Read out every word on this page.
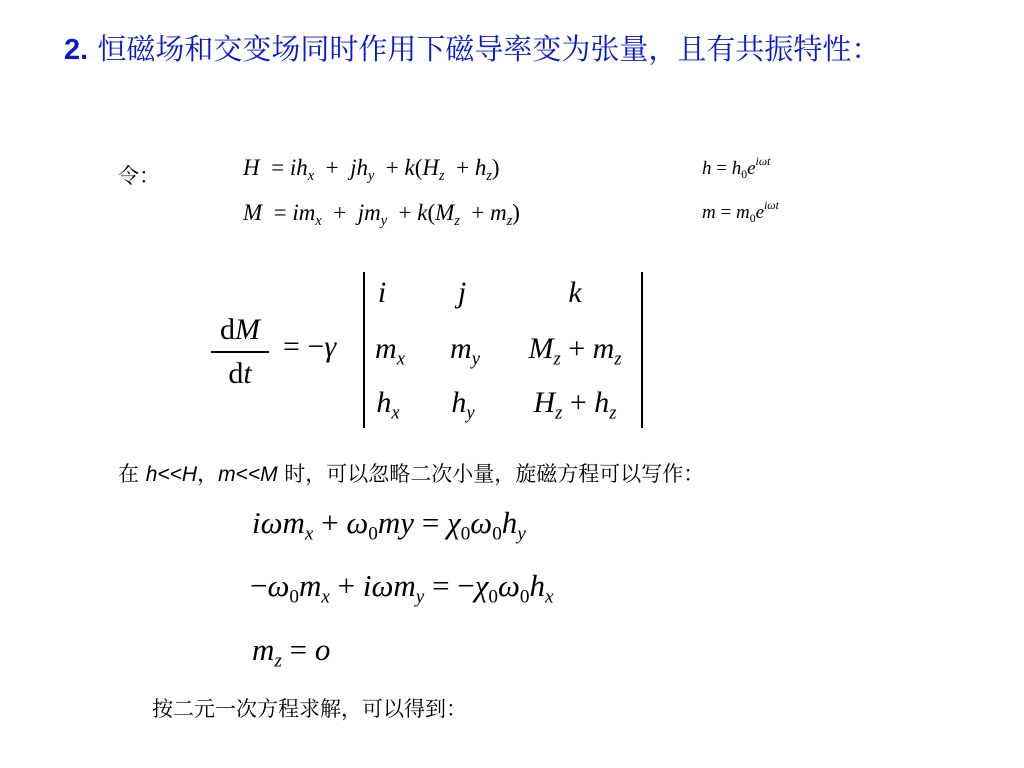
2. 恒磁场和交变场同时作用下磁导率变为张量，且有共振特性：
令：	$H = ih_x + jh_y + k(H_z + h_z)$
$M = im_x + jm_y + k(M_z + m_z)$
$h = h_0e^{i\omega t}$
$m = m_0e^{i\omega t}$
dM
dt
= −γ
i j	k
$m_x$ $m_y$ $M_z + m_z$
$h_x$ $h_y$ $H_z + h_z$
在 h<<H，m<<M 时，可以忽略二次小量，旋磁方程可以写作：
$i\omega m_x + \omega_0my = \chi_0\omega_0h_y$
$-\omega_0m_x + i\omega m_y = -\chi_0\omega_0h_x$
$m_z = o$
按二元一次方程求解，可以得到：
